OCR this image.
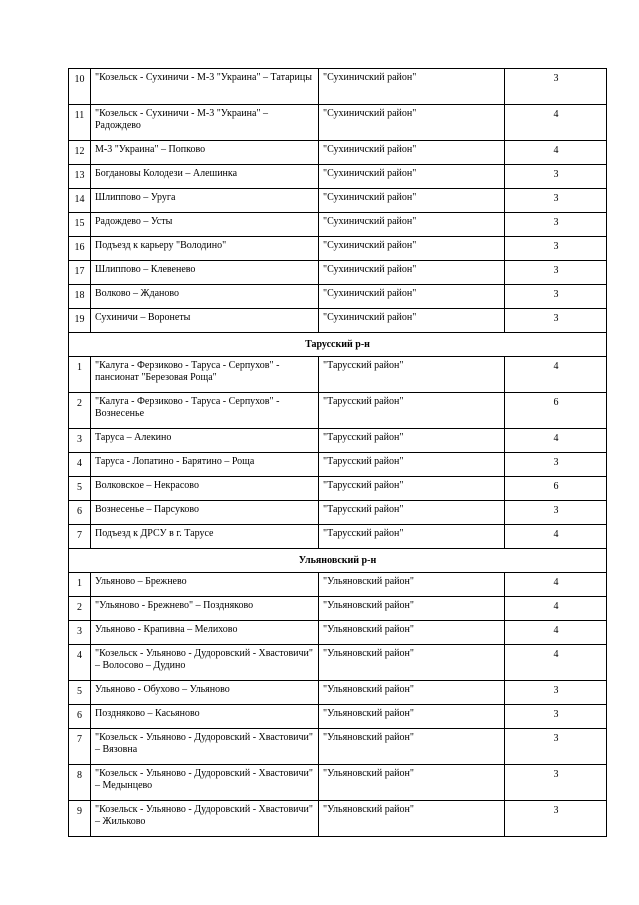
10	"Козельск - Сухиничи - М-3 "Украина" – Татарицы	"Сухиничский район"	3
11	"Козельск - Сухиничи - М-3 "Украина" – Радождево	"Сухиничский район"	4
12	М-3 "Украина" – Попково	"Сухиничский район"	4
13	Богдановы Колодези – Алешинка	"Сухиничский район"	3
14	Шлиппово – Уруга	"Сухиничский район"	3
15	Радождево – Усты	"Сухиничский район"	3
16	Подъезд к карьеру "Володино"	"Сухиничский район"	3
17	Шлиппово – Клевенево	"Сухиничский район"	3
18	Волково – Жданово	"Сухиничский район"	3
19	Сухиничи – Воронеты	"Сухиничский район"	3
Тарусский р-н			
1	"Калуга - Ферзиково - Таруса - Серпухов" - пансионат "Березовая Роща"	"Тарусский район"	4
2	"Калуга - Ферзиково - Таруса - Серпухов" - Вознесенье	"Тарусский район"	6
3	Таруса – Алекино	"Тарусский район"	4
4	Таруса - Лопатино - Барятино – Роща	"Тарусский район"	3
5	Волковское – Некрасово	"Тарусский район"	6
6	Вознесенье – Парсуково	"Тарусский район"	3
7	Подъезд к ДРСУ в г. Тарусе	"Тарусский район"	4
Ульяновский р-н			
1	Ульяново – Брежнево	"Ульяновский район"	4
2	"Ульяново - Брежнево" – Поздняково	"Ульяновский район"	4
3	Ульяново - Крапивна – Мелихово	"Ульяновский район"	4
4	"Козельск - Ульяново - Дудоровский - Хвастовичи" – Волосово – Дудино	"Ульяновский район"	4
5	Ульяново - Обухово – Ульяново	"Ульяновский район"	3
6	Поздняково – Касьяново	"Ульяновский район"	3
7	"Козельск - Ульяново - Дудоровский - Хвастовичи" – Вязовна	"Ульяновский район"	3
8	"Козельск - Ульяново - Дудоровский - Хвастовичи" – Медынцево	"Ульяновский район"	3
9	"Козельск - Ульяново - Дудоровский - Хвастовичи" – Жильково	"Ульяновский район"	3
